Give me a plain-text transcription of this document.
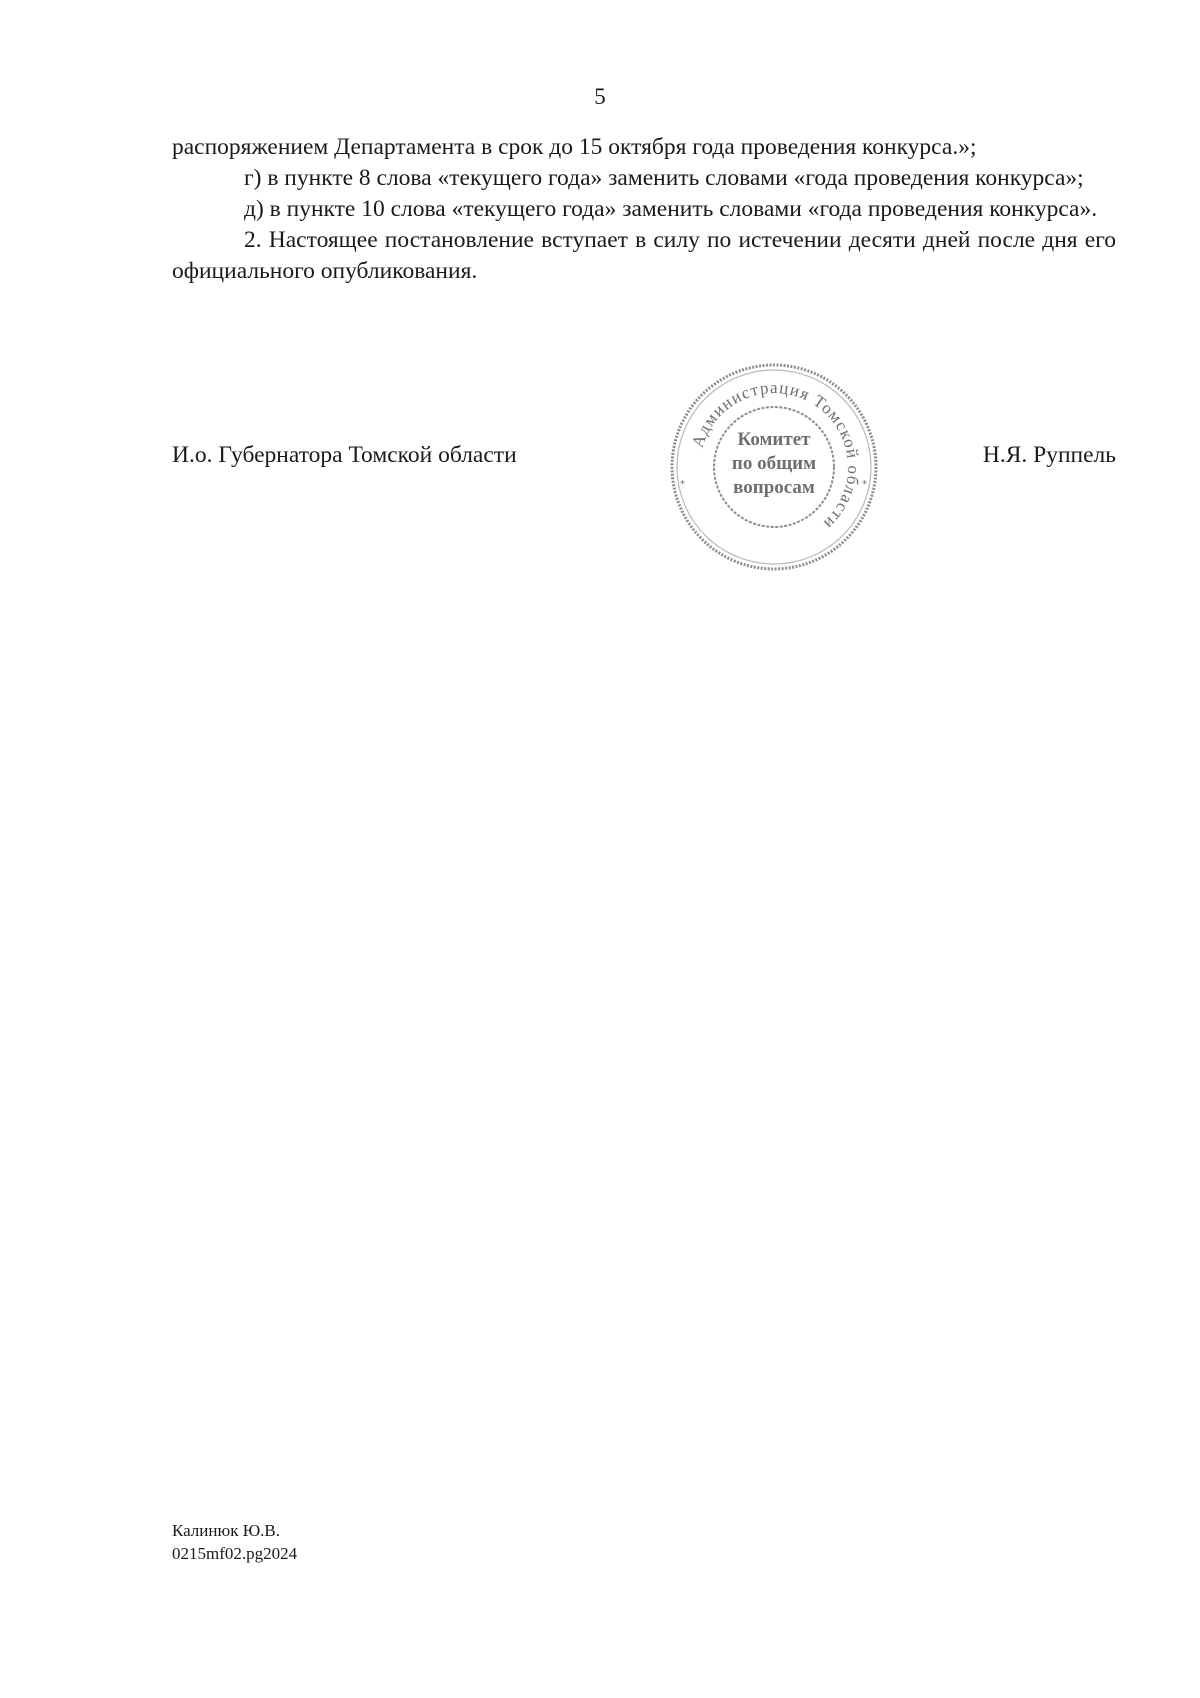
5

распоряжением Департамента в срок до 15 октября года проведения конкурса.»;

г) в пункте 8 слова «текущего года» заменить словами «года проведения конкурса»;

д) в пункте 10 слова «текущего года» заменить словами «года проведения конкурса».

2. Настоящее постановление вступает в силу по истечении десяти дней после дня его официального опубликования.

И.о. Губернатора Томской области	Н.Я. Руппель
Администрация Томской области
*	*
Комитет
по общим
вопросам
Калинюк Ю.В.
0215mf02.pg2024
